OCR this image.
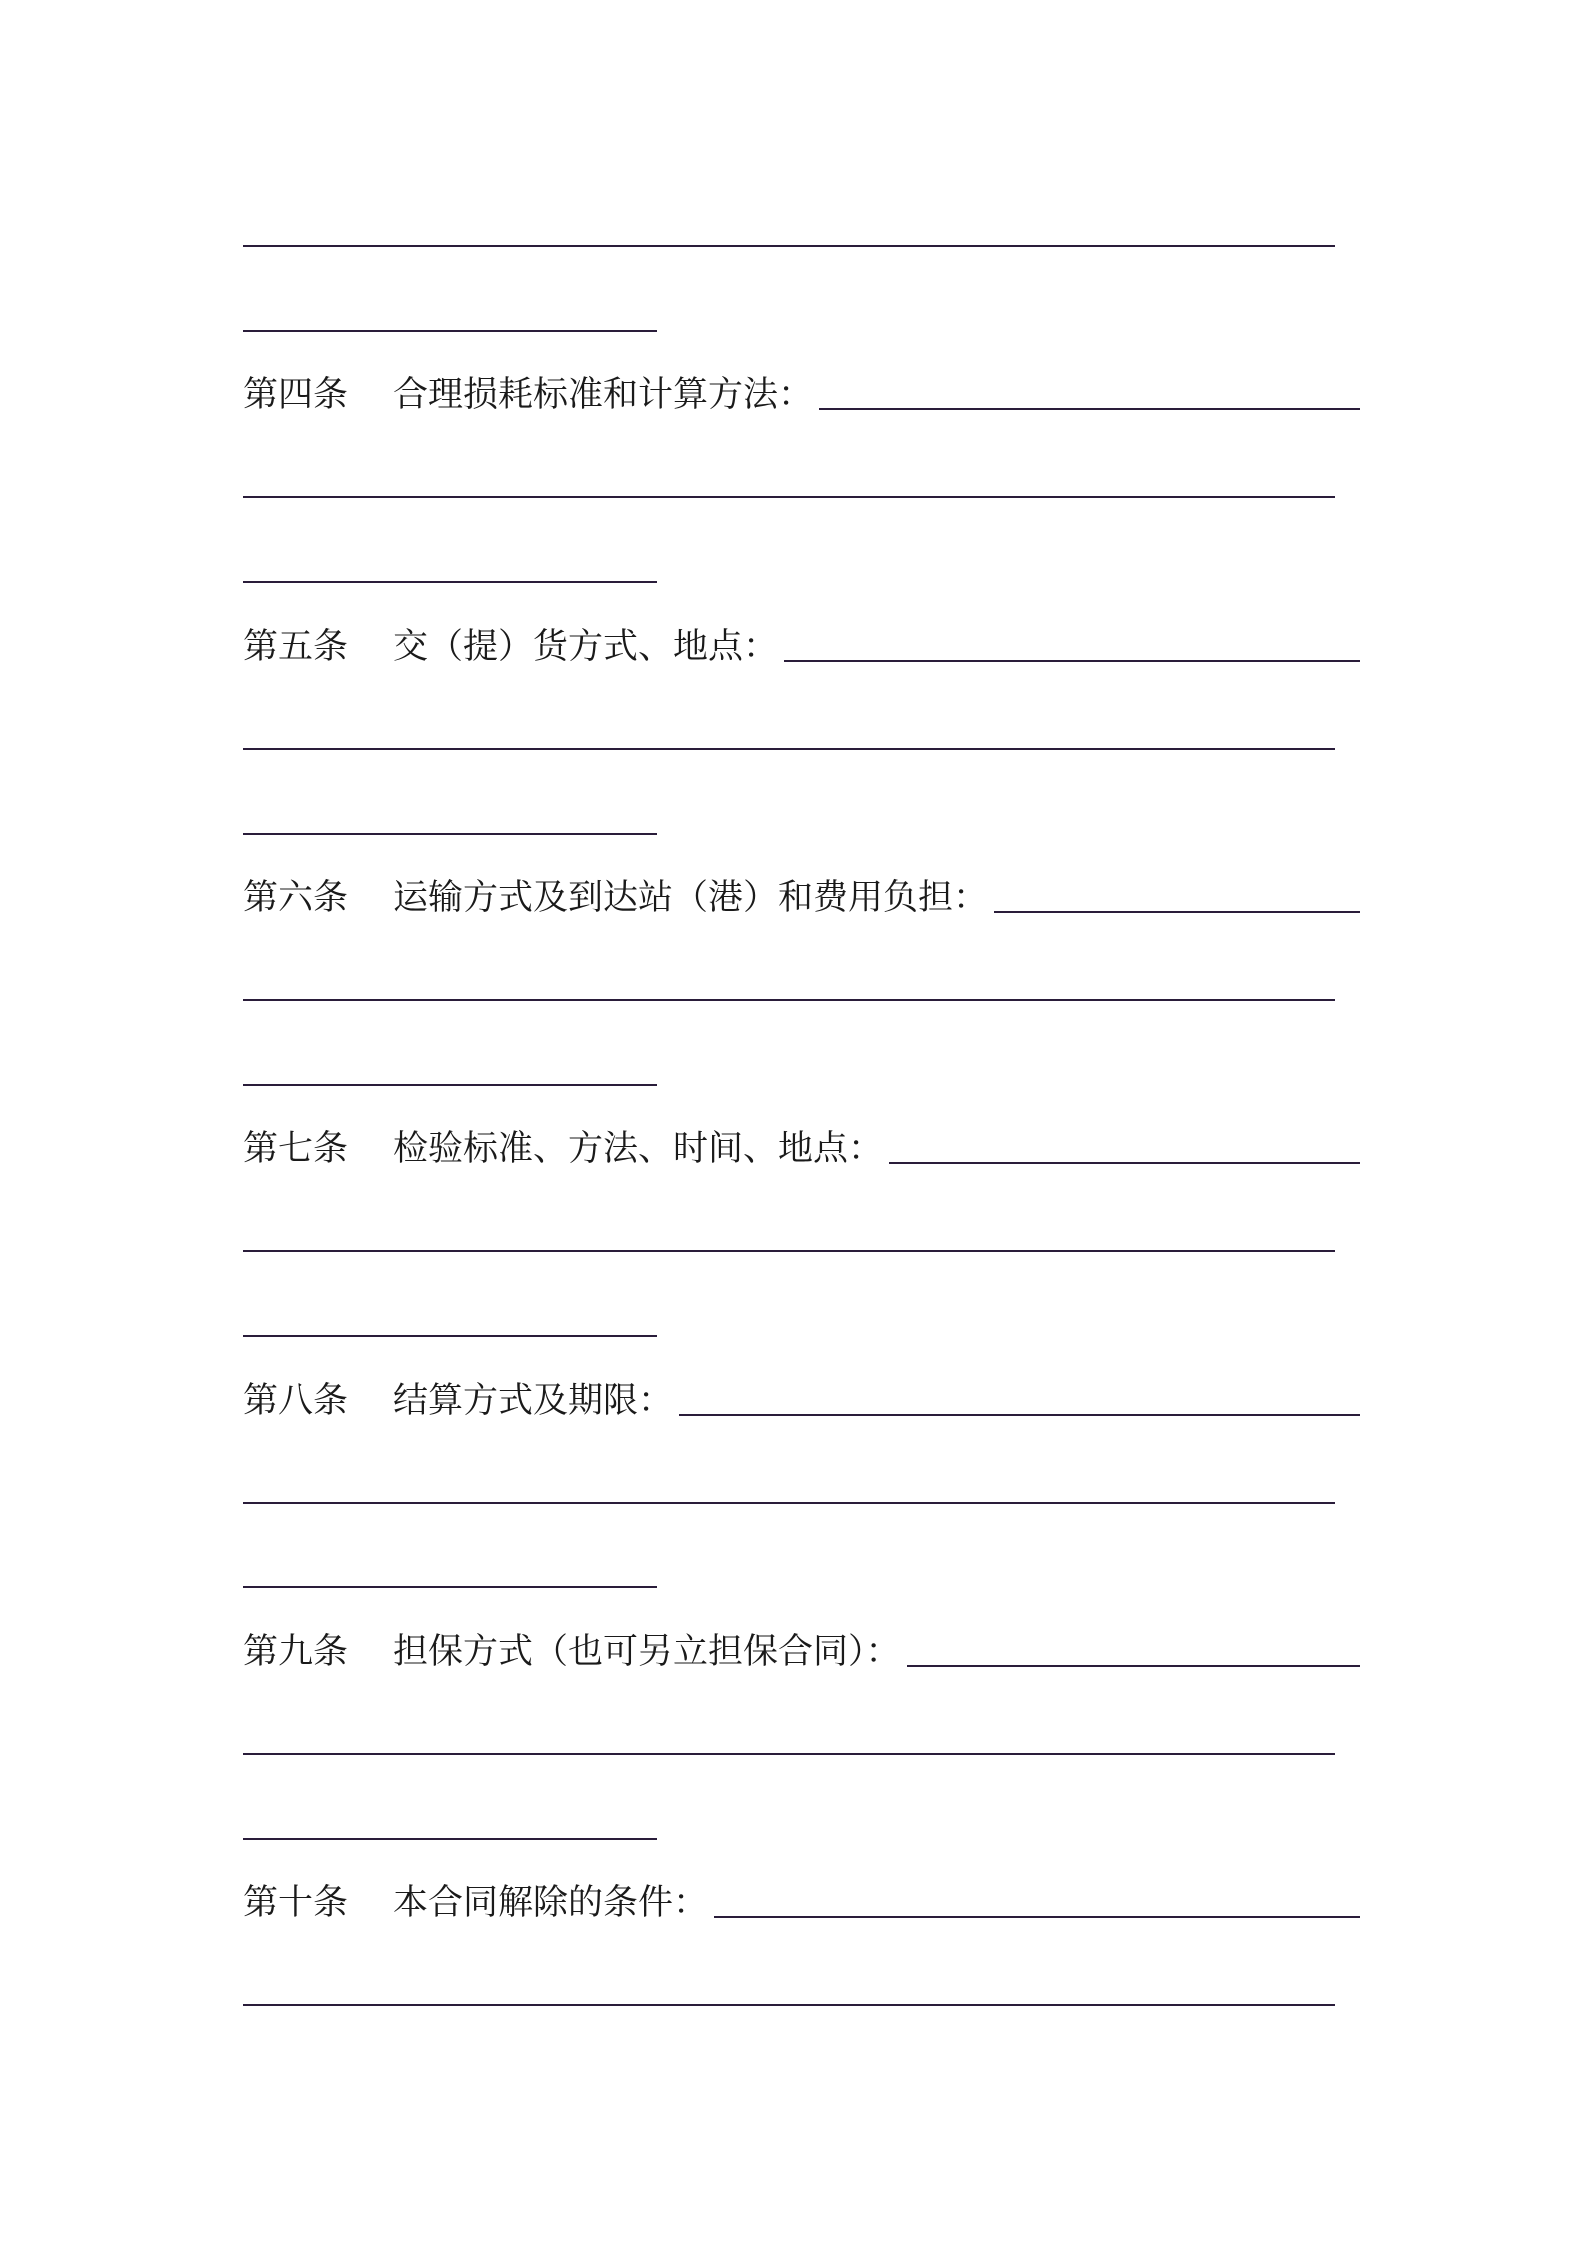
第四条	合理损耗标准和计算方法：
第五条	交（提）货方式、地点：
第六条	运输方式及到达站（港）和费用负担：
第七条	检验标准、方法、时间、地点：
第八条	结算方式及期限：
第九条	担保方式（也可另立担保合同）：
第十条	本合同解除的条件：
